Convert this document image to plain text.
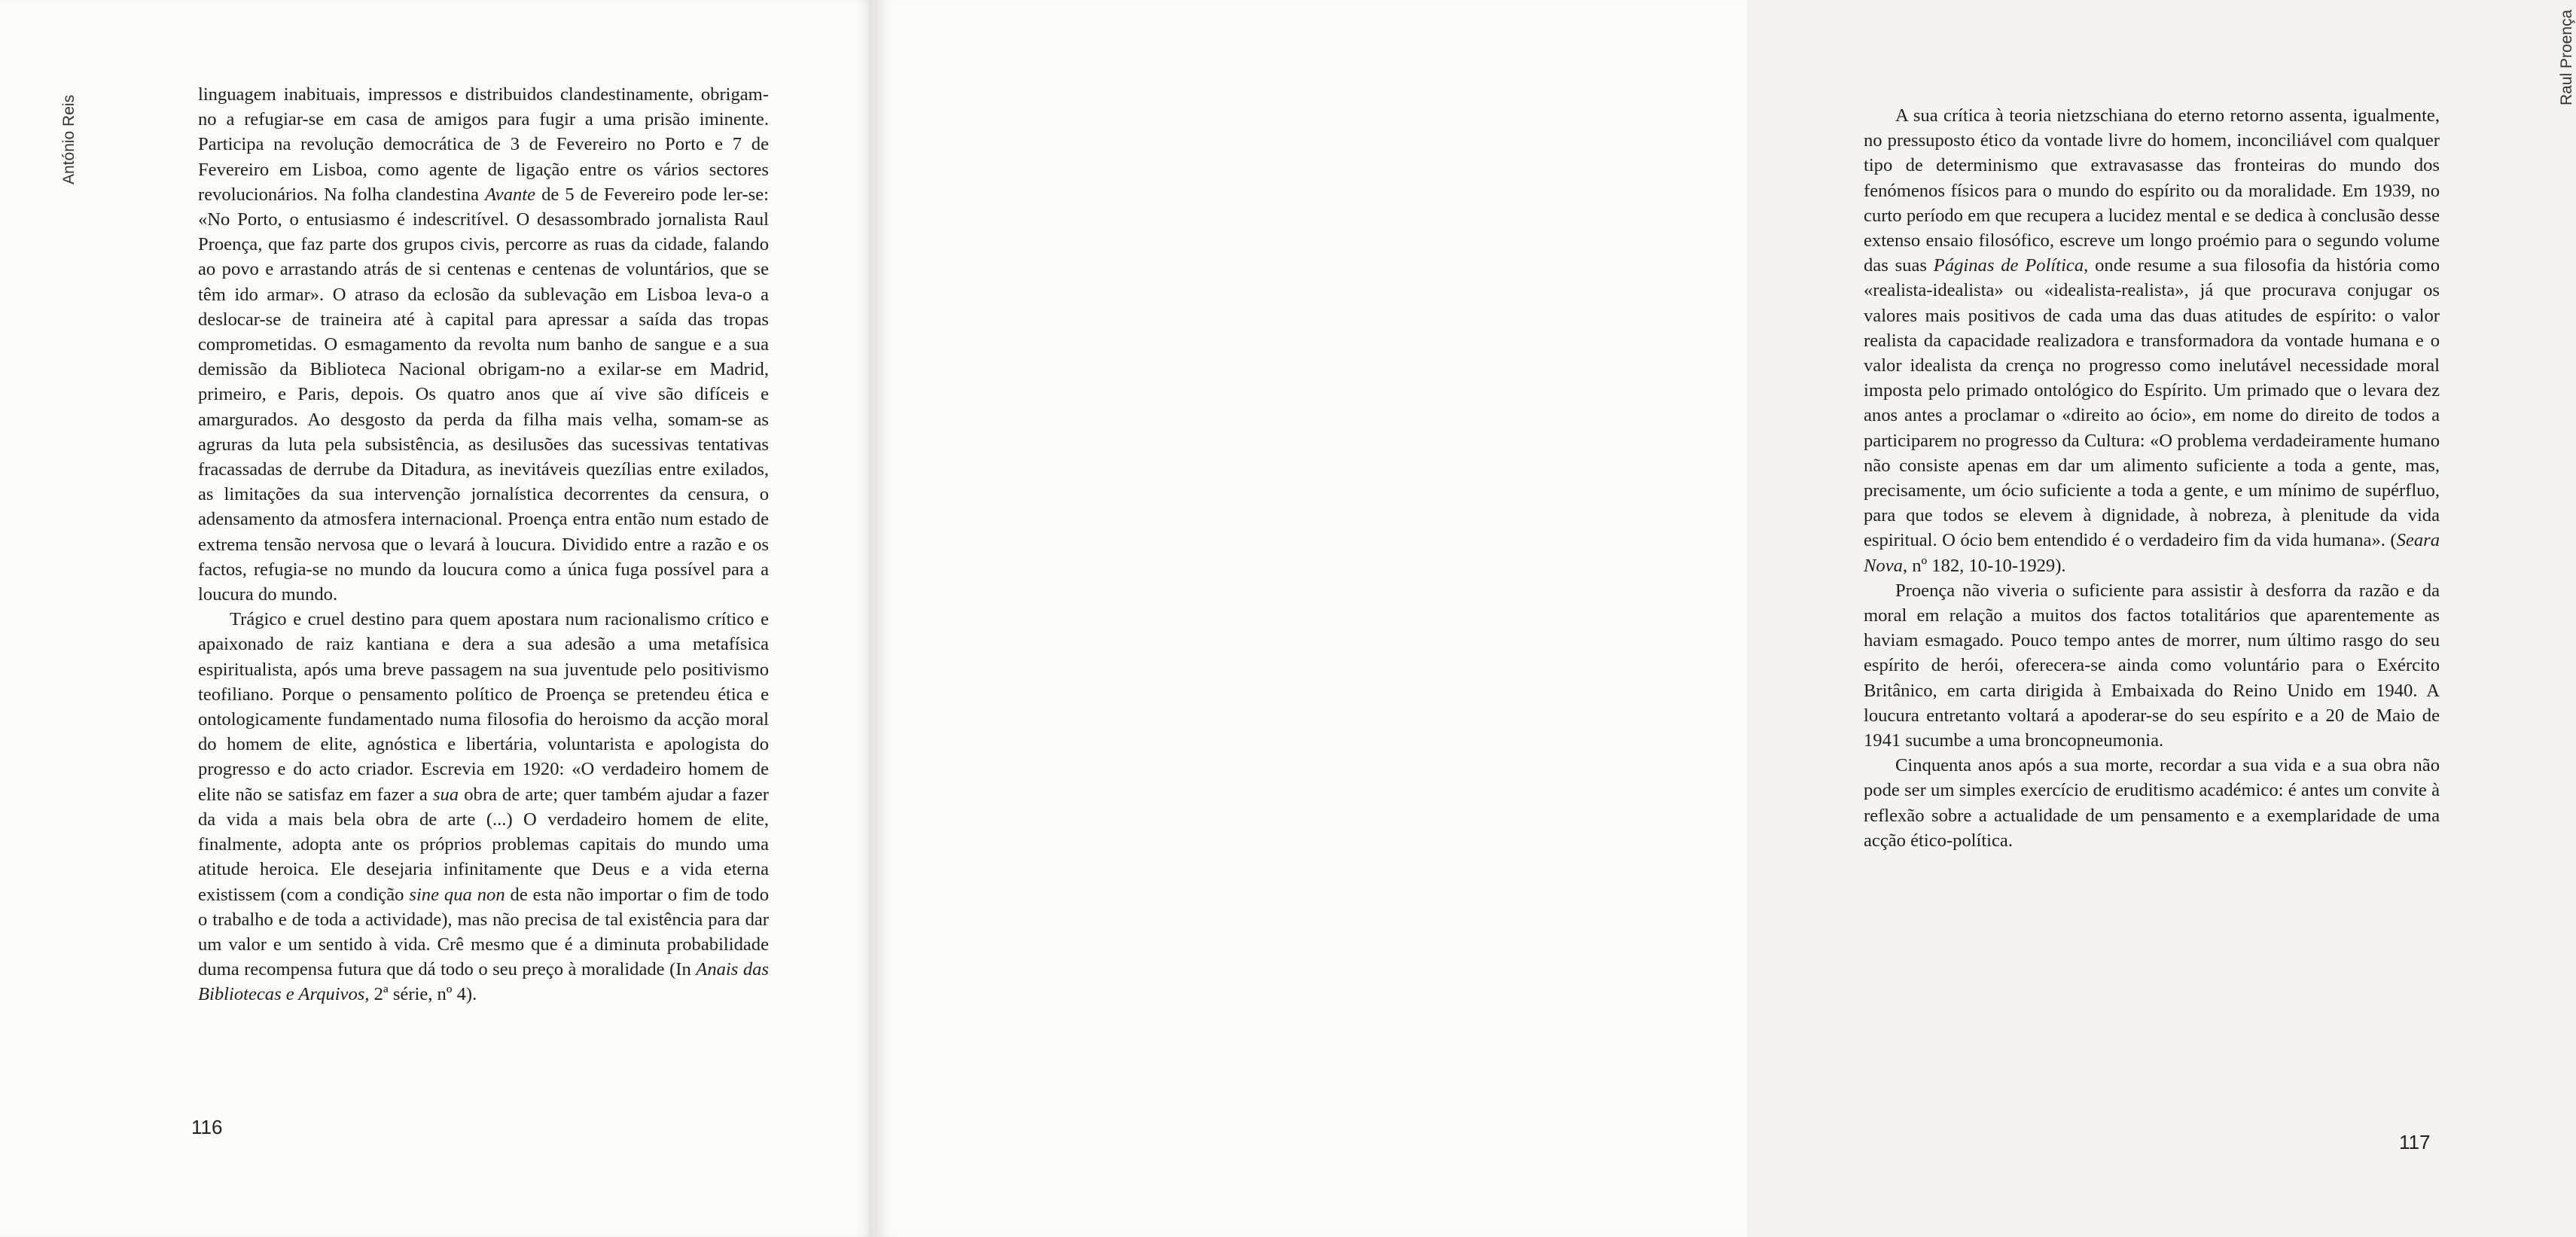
António Reis

linguagem inabituais, impressos e distribuidos clandestinamente, obrigam-no a refugiar-se em casa de amigos para fugir a uma prisão iminente. Participa na revolução democrática de 3 de Fevereiro no Porto e 7 de Fevereiro em Lisboa, como agente de ligação entre os vários sectores revolucionários. Na folha clandestina Avante de 5 de Fevereiro pode ler-se: «No Porto, o entusiasmo é indescritível. O desassombrado jornalista Raul Proença, que faz parte dos grupos civis, percorre as ruas da cidade, falando ao povo e arrastando atrás de si centenas e centenas de voluntários, que se têm ido armar». O atraso da eclosão da sublevação em Lisboa leva-o a deslocar-se de traineira até à capital para apressar a saída das tropas comprometidas. O esmagamento da revolta num banho de sangue e a sua demissão da Biblioteca Nacional obrigam-no a exilar-se em Madrid, primeiro, e Paris, depois. Os quatro anos que aí vive são difíceis e amargurados. Ao desgosto da perda da filha mais velha, somam-se as agruras da luta pela subsistência, as desilusões das sucessivas tentativas fracassadas de derrube da Ditadura, as inevitáveis quezílias entre exilados, as limitações da sua intervenção jornalística decorrentes da censura, o adensamento da atmosfera internacional. Proença entra então num estado de extrema tensão nervosa que o levará à loucura. Dividido entre a razão e os factos, refugia-se no mundo da loucura como a única fuga possível para a loucura do mundo.

Trágico e cruel destino para quem apostara num racionalismo crítico e apaixonado de raiz kantiana e dera a sua adesão a uma metafísica espiritualista, após uma breve passagem na sua juventude pelo positivismo teofiliano. Porque o pensamento político de Proença se pretendeu ética e ontologicamente fundamentado numa filosofia do heroismo da acção moral do homem de elite, agnóstica e libertária, voluntarista e apologista do progresso e do acto criador. Escrevia em 1920: «O verdadeiro homem de elite não se satisfaz em fazer a sua obra de arte; quer também ajudar a fazer da vida a mais bela obra de arte (...) O verdadeiro homem de elite, finalmente, adopta ante os próprios problemas capitais do mundo uma atitude heroica. Ele desejaria infinitamente que Deus e a vida eterna existissem (com a condição sine qua non de esta não importar o fim de todo o trabalho e de toda a actividade), mas não precisa de tal existência para dar um valor e um sentido à vida. Crê mesmo que é a diminuta probabilidade duma recompensa futura que dá todo o seu preço à moralidade (In Anais das Bibliotecas e Arquivos, 2ª série, nº 4).

116
Raul Proença

A sua crítica à teoria nietzschiana do eterno retorno assenta, igualmente, no pressuposto ético da vontade livre do homem, inconciliável com qualquer tipo de determinismo que extravasasse das fronteiras do mundo dos fenómenos físicos para o mundo do espírito ou da moralidade. Em 1939, no curto período em que recupera a lucidez mental e se dedica à conclusão desse extenso ensaio filosófico, escreve um longo proémio para o segundo volume das suas Páginas de Política, onde resume a sua filosofia da história como «realista-idealista» ou «idealista-realista», já que procurava conjugar os valores mais positivos de cada uma das duas atitudes de espírito: o valor realista da capacidade realizadora e transformadora da vontade humana e o valor idealista da crença no progresso como inelutável necessidade moral imposta pelo primado ontológico do Espírito. Um primado que o levara dez anos antes a proclamar o «direito ao ócio», em nome do direito de todos a participarem no progresso da Cultura: «O problema verdadeiramente humano não consiste apenas em dar um alimento suficiente a toda a gente, mas, precisamente, um ócio suficiente a toda a gente, e um mínimo de supérfluo, para que todos se elevem à dignidade, à nobreza, à plenitude da vida espiritual. O ócio bem entendido é o verdadeiro fim da vida humana». (Seara Nova, nº 182, 10-10-1929).

Proença não viveria o suficiente para assistir à desforra da razão e da moral em relação a muitos dos factos totalitários que aparentemente as haviam esmagado. Pouco tempo antes de morrer, num último rasgo do seu espírito de herói, oferecera-se ainda como voluntário para o Exército Britânico, em carta dirigida à Embaixada do Reino Unido em 1940. A loucura entretanto voltará a apoderar-se do seu espírito e a 20 de Maio de 1941 sucumbe a uma broncopneumonia.

Cinquenta anos após a sua morte, recordar a sua vida e a sua obra não pode ser um simples exercício de eruditismo académico: é antes um convite à reflexão sobre a actualidade de um pensamento e a exemplaridade de uma acção ético-política.

117
